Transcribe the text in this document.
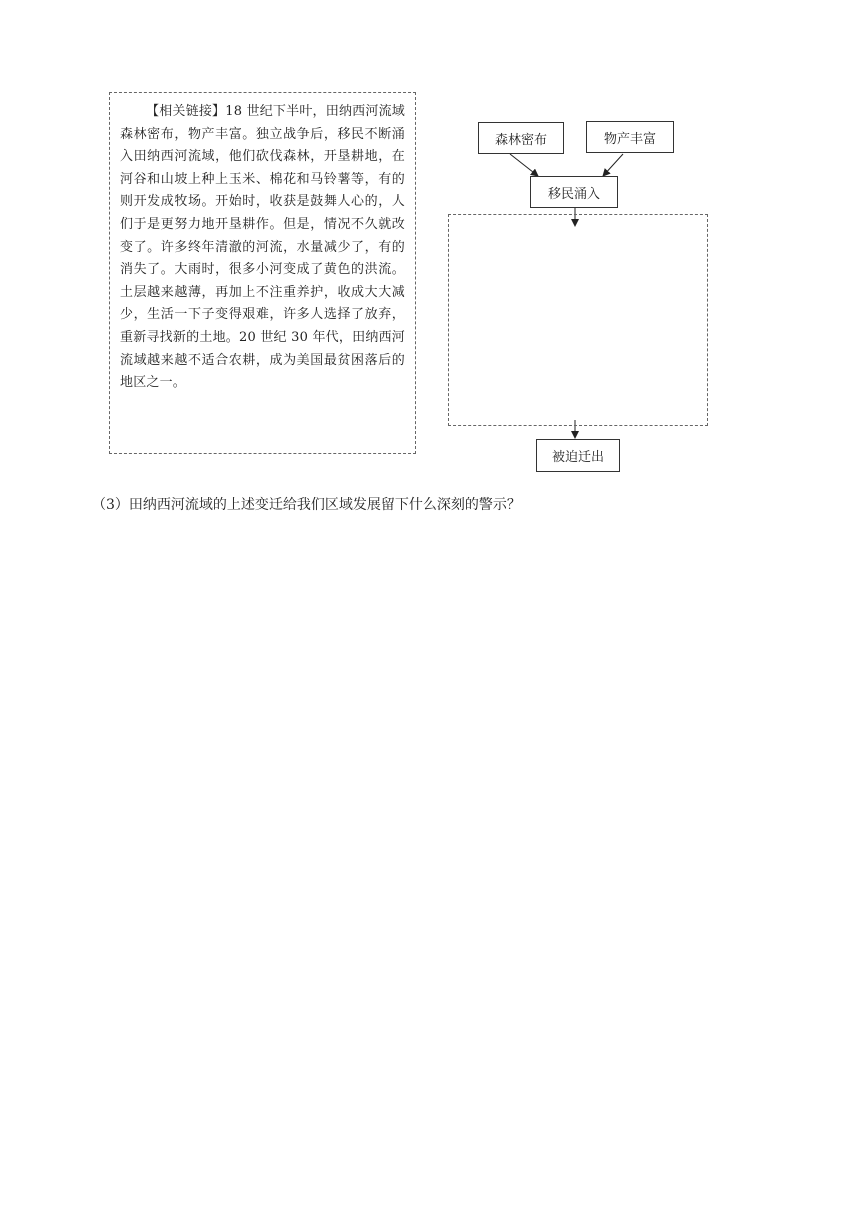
【相关链接】18 世纪下半叶，田纳西河流域森林密布，物产丰富。独立战争后，移民不断涌入田纳西河流域，他们砍伐森林，开垦耕地，在河谷和山坡上种上玉米、棉花和马铃薯等，有的则开发成牧场。开始时，收获是鼓舞人心的，人们于是更努力地开垦耕作。但是，情况不久就改变了。许多终年清澈的河流，水量减少了，有的消失了。大雨时，很多小河变成了黄色的洪流。土层越来越薄，再加上不注重养护，收成大大减少，生活一下子变得艰难，许多人选择了放弃，重新寻找新的土地。20 世纪 30 年代，田纳西河流域越来越不适合农耕，成为美国最贫困落后的地区之一。

森林密布	物产丰富
移民涌入
被迫迁出
（3）田纳西河流域的上述变迁给我们区域发展留下什么深刻的警示？
